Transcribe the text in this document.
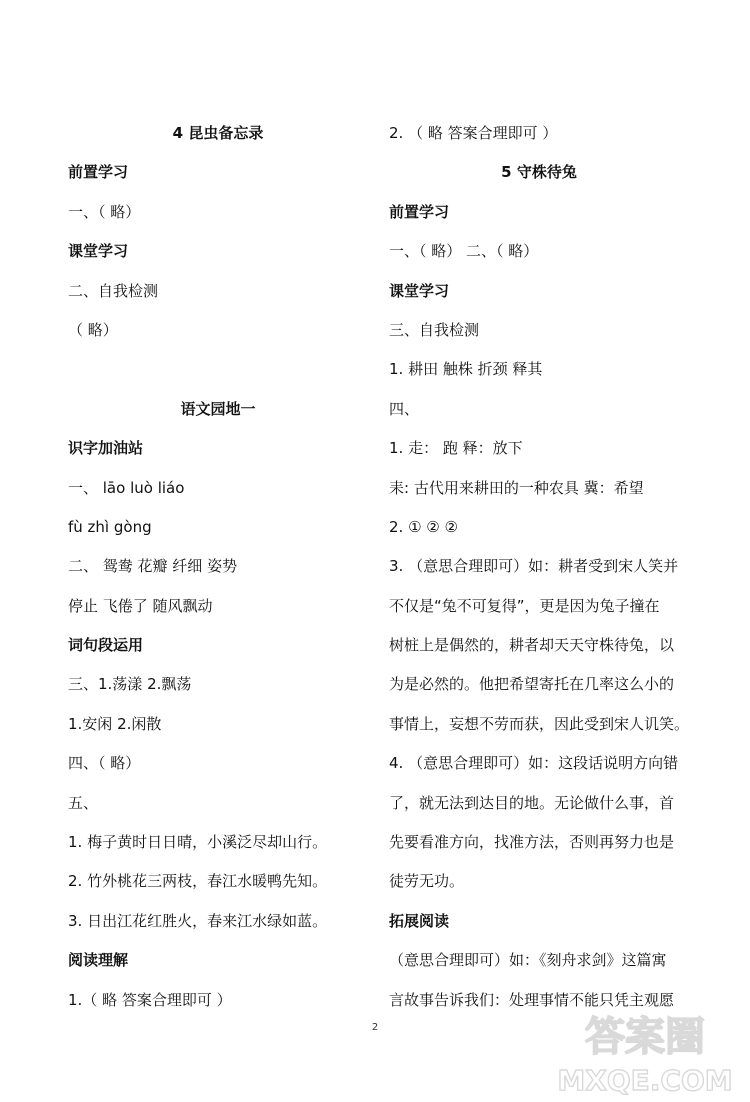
4 昆虫备忘录
前置学习
一、（ 略）
课堂学习
二、自我检测
（ 略）
语文园地一
识字加油站
一、 lāo luò liáo
fù zhì gòng
二、 鸳鸯 花瓣 纤细 姿势
停止 飞倦了 随风飘动
词句段运用
三、1.荡漾 2.飘荡
1.安闲 2.闲散
四、（ 略）
五、
1. 梅子黄时日日晴，小溪泛尽却山行。
2. 竹外桃花三两枝，春江水暖鸭先知。
3. 日出江花红胜火，春来江水绿如蓝。
阅读理解
1.（ 略 答案合理即可 ）
2. （ 略 答案合理即可 ）
5 守株待兔
前置学习
一、（ 略） 二、（ 略）
课堂学习
三、自我检测
1. 耕田 触株 折颈 释其
四、
1. 走： 跑 释：放下
耒: 古代用来耕田的一种农具 冀：希望
2. ① ② ②
3. （意思合理即可）如：耕者受到宋人笑并
不仅是“兔不可复得”，更是因为兔子撞在
树桩上是偶然的，耕者却天天守株待兔，以
为是必然的。他把希望寄托在几率这么小的
事情上，妄想不劳而获，因此受到宋人讥笑。
4. （意思合理即可）如：这段话说明方向错
了，就无法到达目的地。无论做什么事，首
先要看准方向，找准方法，否则再努力也是
徒劳无功。
拓展阅读
（意思合理即可）如：《刻舟求剑》这篇寓
言故事告诉我们：处理事情不能只凭主观愿
2	答案圈
MXQE.COM
